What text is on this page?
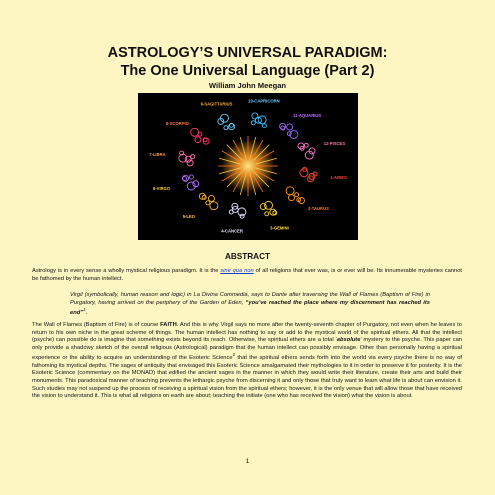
ASTROLOGY’S UNIVERSAL PARADIGM:
The One Universal Language (Part 2)
William John Meegan
1-ARIES
2-TAURUS
3-GEMINI
4-CANCER
5-LEO
6-VIRGO
7-LIBRA
8-SCORPIO
9-SAGITTARIUS
10-CAPRICORN
11-AQUARIUS
12-PISCES
ABSTRACT
Astrology is in every sense a wholly mystical religious paradigm. It is the sine qua non of all religions that ever was, is or ever will be. Its innumerable mysteries cannot be fathomed by the human intellect.
Virgil (symbolically, human reason and logic) in La Divina Commedia, says to Dante after traversing the Wall of Flames (Baptism of Fire) in Purgatory, having arrived on the periphery of the Garden of Eden, “you’ve reached the place where my discernment has reached its end”$^1$.
The Wall of Flames (Baptism of Fire) is of course FAITH. And this is why Virgil says no more after the twenty-seventh chapter of Purgatory, not even when he leaves to return to his own niche in the great scheme of things. The human intellect has nothing to say or add to the mystical world of the spiritual ethers. All that the intellect (psyche) can possible do is imagine that something exists beyond its reach. Otherwise, the spiritual ethers are a total ‘absolute’ mystery to the psyche. This paper can only provide a shadowy sketch of the overall religious (Astrological) paradigm that the human intellect can possibly envisage. Other than personally having a spiritual experience or the ability to acquire an understanding of the Esoteric Science$^2$ that the spiritual ethers sends forth into the world via every psyche there is no way of fathoming its mystical depths. The sages of antiquity that envisaged this Esoteric Science amalgamated their mythologies to it in order to preserve it for posterity. It is the Esoteric Science (commentary on the MONAD) that edified the ancient sages in the manner in which they would write their literature, create their arts and build their monuments. This paradoxical manner of teaching prevents the lethargic psyche from discerning it and only those that truly want to learn what life is about can envision it. Such studies may not suspend up the process of receiving a spiritual vision from the spiritual ethers; however, it is the only venue that will allow those that have received the vision to understand it. This is what all religions on earth are about; teaching the initiate (one who has received the vision) what the vision is about.
1
